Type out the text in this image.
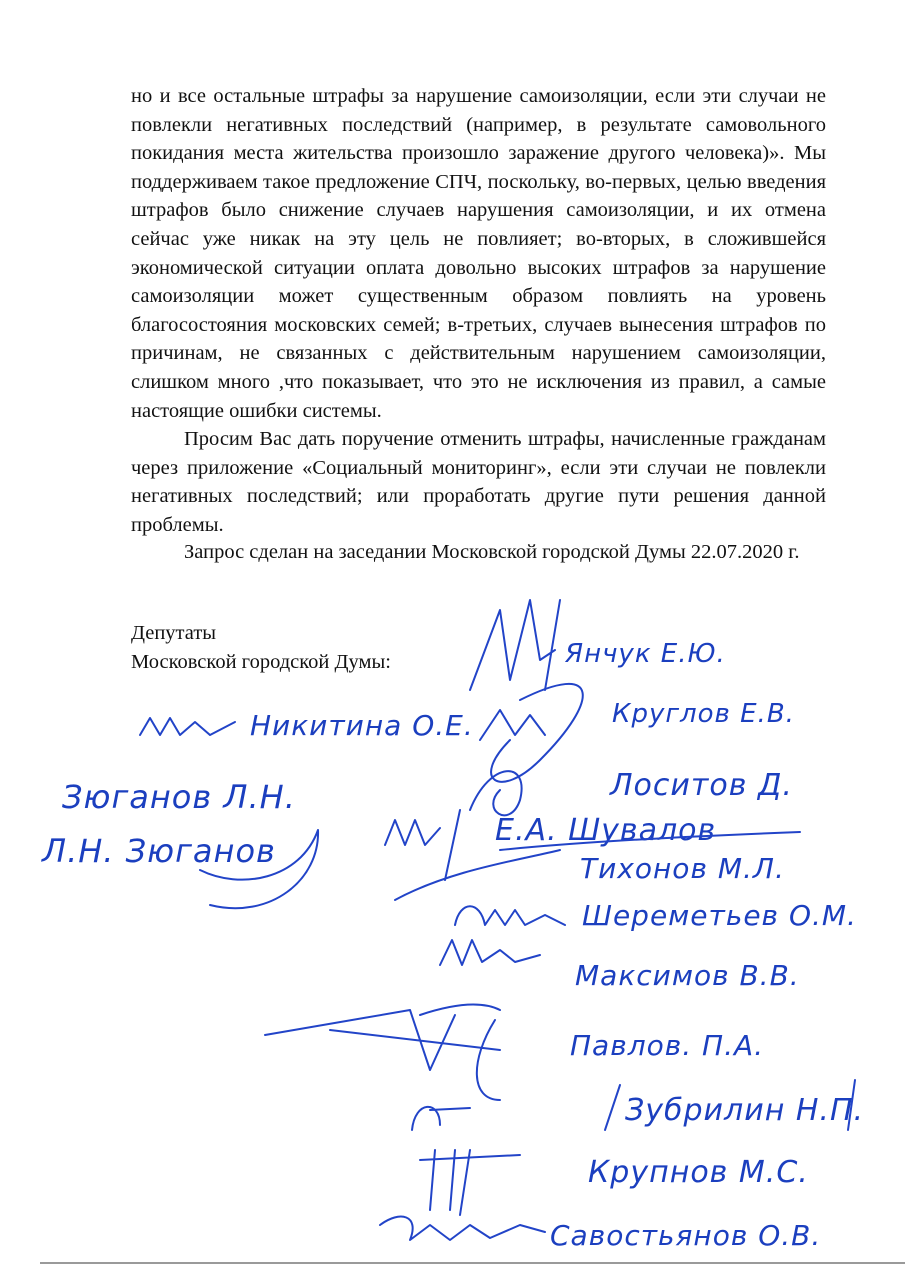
но и все остальные штрафы за нарушение самоизоляции, если эти случаи не повлекли негативных последствий (например, в результате самовольного покидания места жительства произошло заражение другого человека)». Мы поддерживаем такое предложение СПЧ, поскольку, во-первых, целью введения штрафов было снижение случаев нарушения самоизоляции, и их отмена сейчас уже никак на эту цель не повлияет; во-вторых, в сложившейся экономической ситуации оплата довольно высоких штрафов за нарушение самоизоляции может существенным образом повлиять на уровень благосостояния московских семей; в-третьих, случаев вынесения штрафов по причинам, не связанных с действительным нарушением самоизоляции, слишком много ,что показывает, что это не исключения из правил, а самые настоящие ошибки системы.

Просим Вас дать поручение отменить штрафы, начисленные гражданам через приложение «Социальный мониторинг», если эти случаи не повлекли негативных последствий; или проработать другие пути решения данной проблемы.

Запрос сделан на заседании Московской городской Думы 22.07.2020 г.
Депутаты
Московской городской Думы:	Янчук Е.Ю.
Никитина О.Е.	Круглов Е.В.
Зюганов Л.Н.
Л.Н. Зюганов
Лоситов Д.
Е.А. Шувалов
Тихонов М.Л.
Шереметьев О.М.
Максимов В.В.
Павлов. П.А.
Зубрилин Н.П.
Крупнов М.С.
Савостьянов О.В.
